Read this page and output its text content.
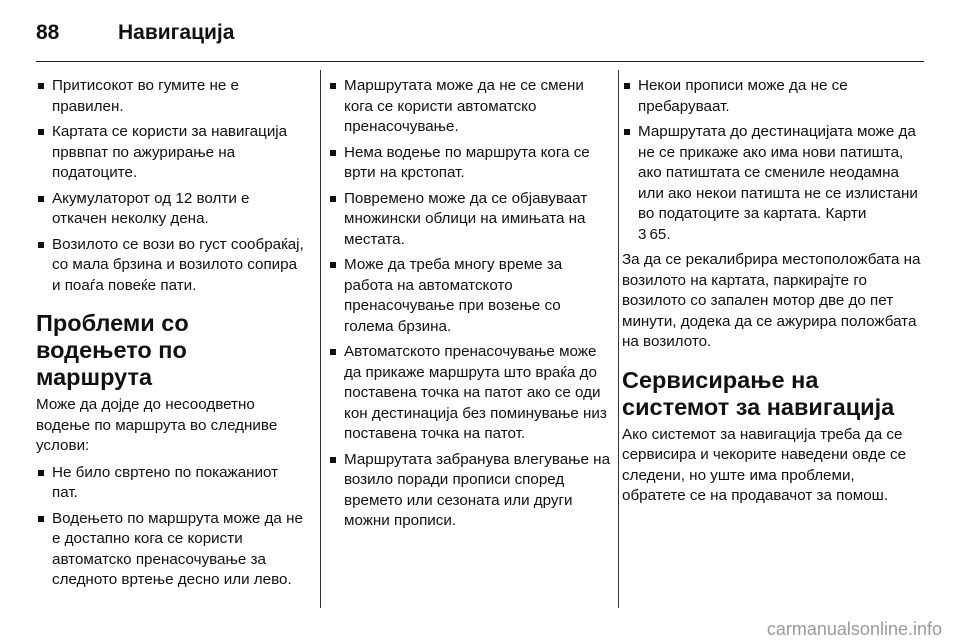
88	Навигација
Притисокот во гумите не е правилен.
Картата се користи за навигација прввпат по ажурирање на податоците.
Акумулаторот од 12 волти е откачен неколку дена.
Возилото се вози во густ сообраќај, со мала брзина и возилото сопира и поаѓа повеќе пати.
Проблеми со водењето по маршрута

Може да дојде до несоодветно водење по маршрута во следниве услови:

Не било свртено по покажаниот пат.
Водењето по маршрута може да не е достапно кога се користи автоматско пренасочување за следното вртење десно или лево.
Маршрутата може да не се смени кога се користи автоматско пренасочување.
Нема водење по маршрута кога се врти на крстопат.
Повремено може да се објавуваат множински облици на имињата на местата.
Може да треба многу време за работа на автоматското пренасочување при возење со голема брзина.
Автоматското пренасочување може да прикаже маршрута што враќа до поставена точка на патот ако се оди кон дестинација без поминување низ поставена точка на патот.
Маршрутата забранува влегување на возило поради прописи според времето или сезоната или други можни прописи.
Некои прописи може да не се пребаруваат.
Маршрутата до дестинацијата може да не се прикаже ако има нови патишта, ако патиштата се смениле неодамна или ако некои патишта не се излистани во податоците за картата. Карти
3 65.

За да се рекалибрира местоположбата на возилото на картата, паркирајте го возилото со запален мотор две до пет минути, додека да се ажурира положбата на возилото.

Сервисирање на системот за навигација

Ако системот за навигација треба да се сервисира и чекорите наведени овде се следени, но уште има проблеми, обратете се на продавачот за помош.

carmanualsonline.info
